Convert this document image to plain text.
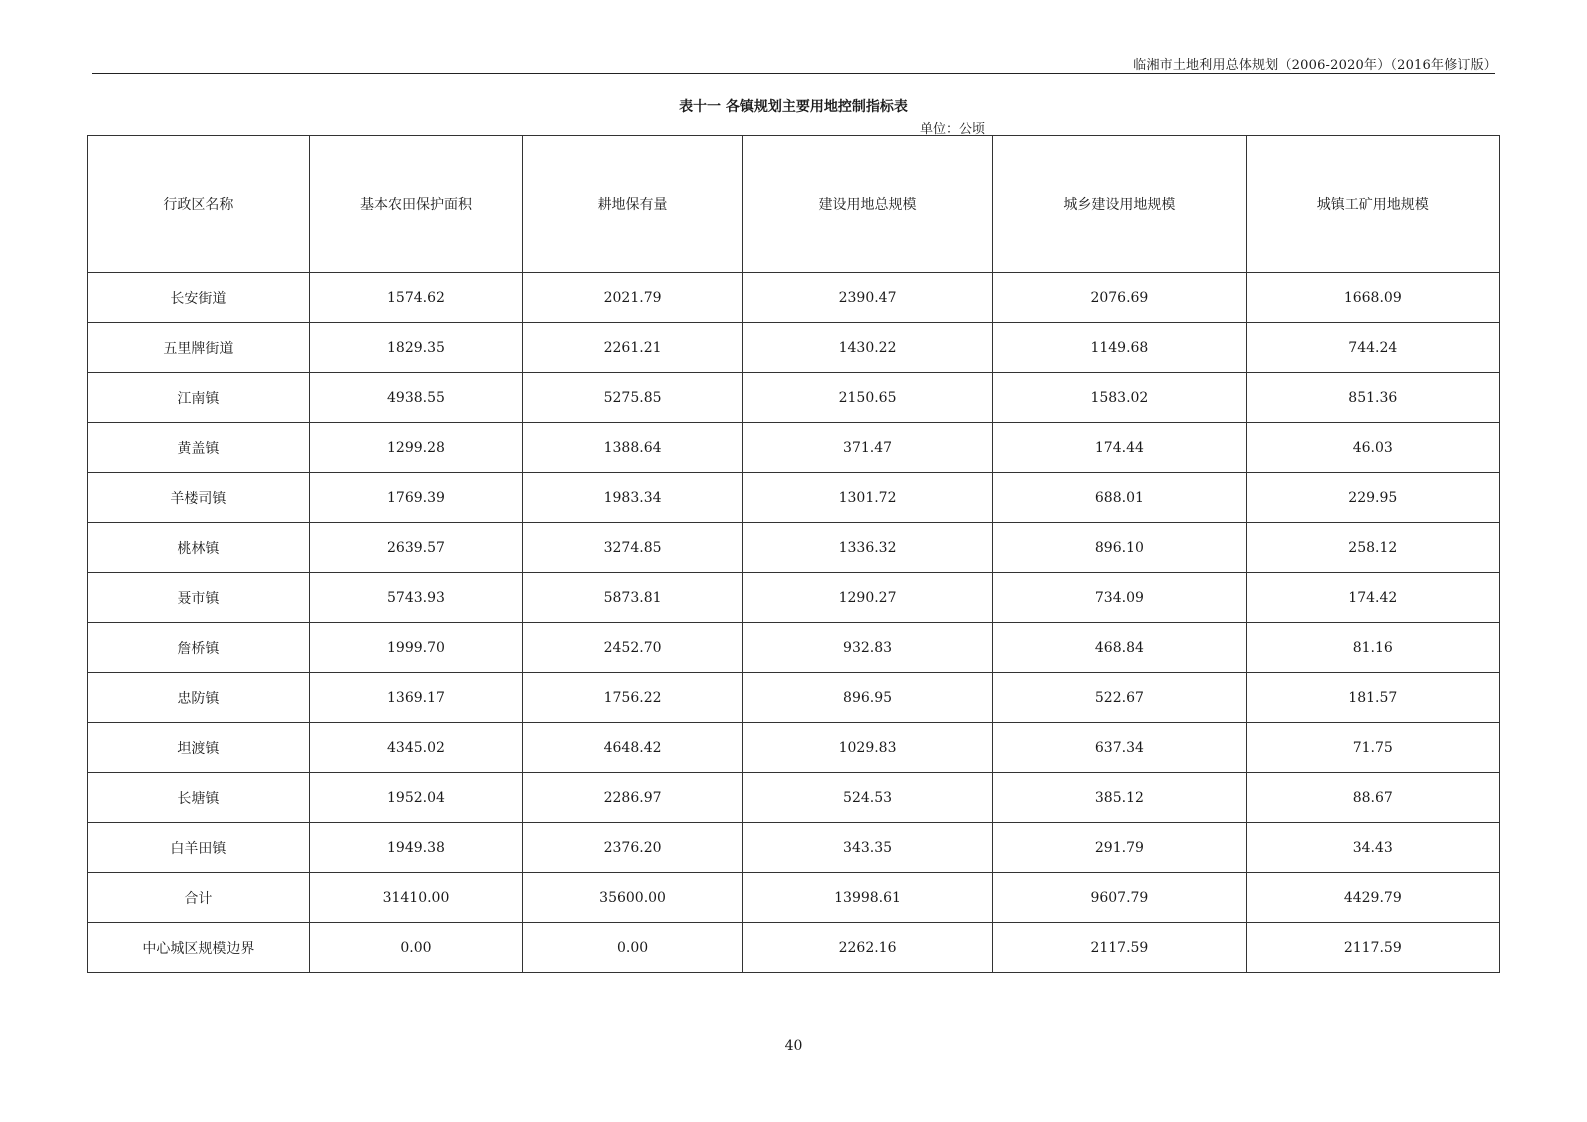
临湘市土地利用总体规划（2006-2020年）（2016年修订版）
表十一 各镇规划主要用地控制指标表
单位：公顷
行政区名称	基本农田保护面积	耕地保有量	建设用地总规模	城乡建设用地规模	城镇工矿用地规模
长安街道	1574.62	2021.79	2390.47	2076.69	1668.09
五里牌街道	1829.35	2261.21	1430.22	1149.68	744.24
江南镇	4938.55	5275.85	2150.65	1583.02	851.36
黄盖镇	1299.28	1388.64	371.47	174.44	46.03
羊楼司镇	1769.39	1983.34	1301.72	688.01	229.95
桃林镇	2639.57	3274.85	1336.32	896.10	258.12
聂市镇	5743.93	5873.81	1290.27	734.09	174.42
詹桥镇	1999.70	2452.70	932.83	468.84	81.16
忠防镇	1369.17	1756.22	896.95	522.67	181.57
坦渡镇	4345.02	4648.42	1029.83	637.34	71.75
长塘镇	1952.04	2286.97	524.53	385.12	88.67
白羊田镇	1949.38	2376.20	343.35	291.79	34.43
合计	31410.00	35600.00	13998.61	9607.79	4429.79
中心城区规模边界	0.00	0.00	2262.16	2117.59	2117.59
40
